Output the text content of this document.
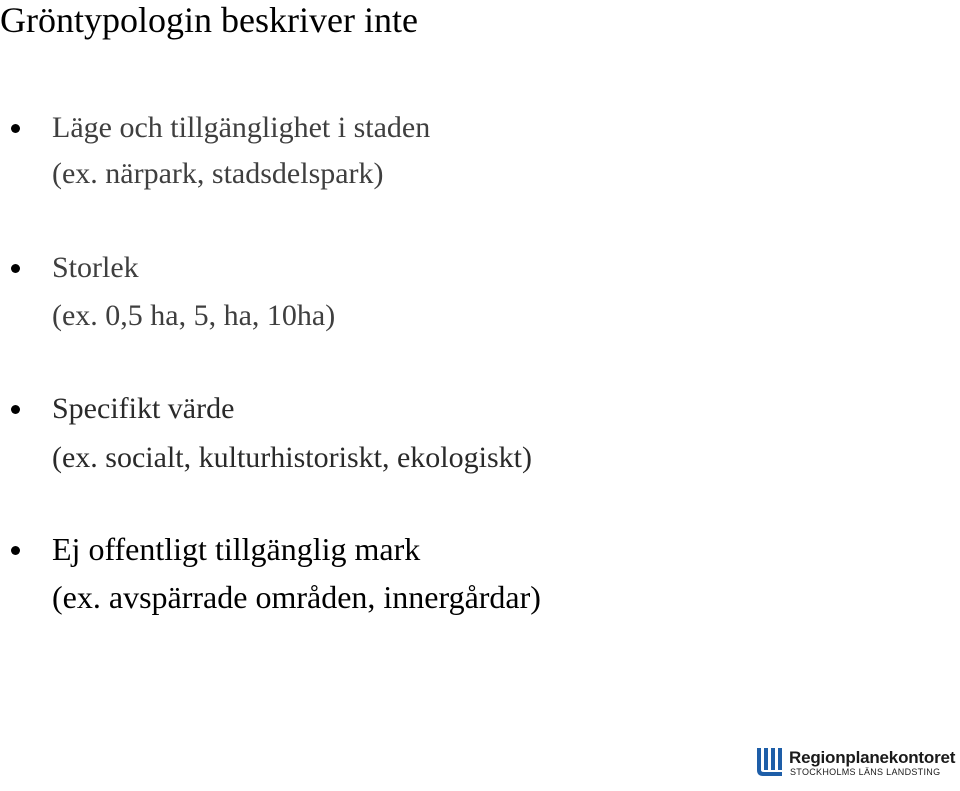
Gröntypologin beskriver inte
Läge och tillgänglighet i staden
(ex. närpark, stadsdelspark)
Storlek
(ex. 0,5 ha, 5, ha, 10ha)
Specifikt värde
(ex. socialt, kulturhistoriskt, ekologiskt)
Ej offentligt tillgänglig mark
(ex. avspärrade områden, innergårdar)
Regionplanekontoret
STOCKHOLMS LÄNS LANDSTING
